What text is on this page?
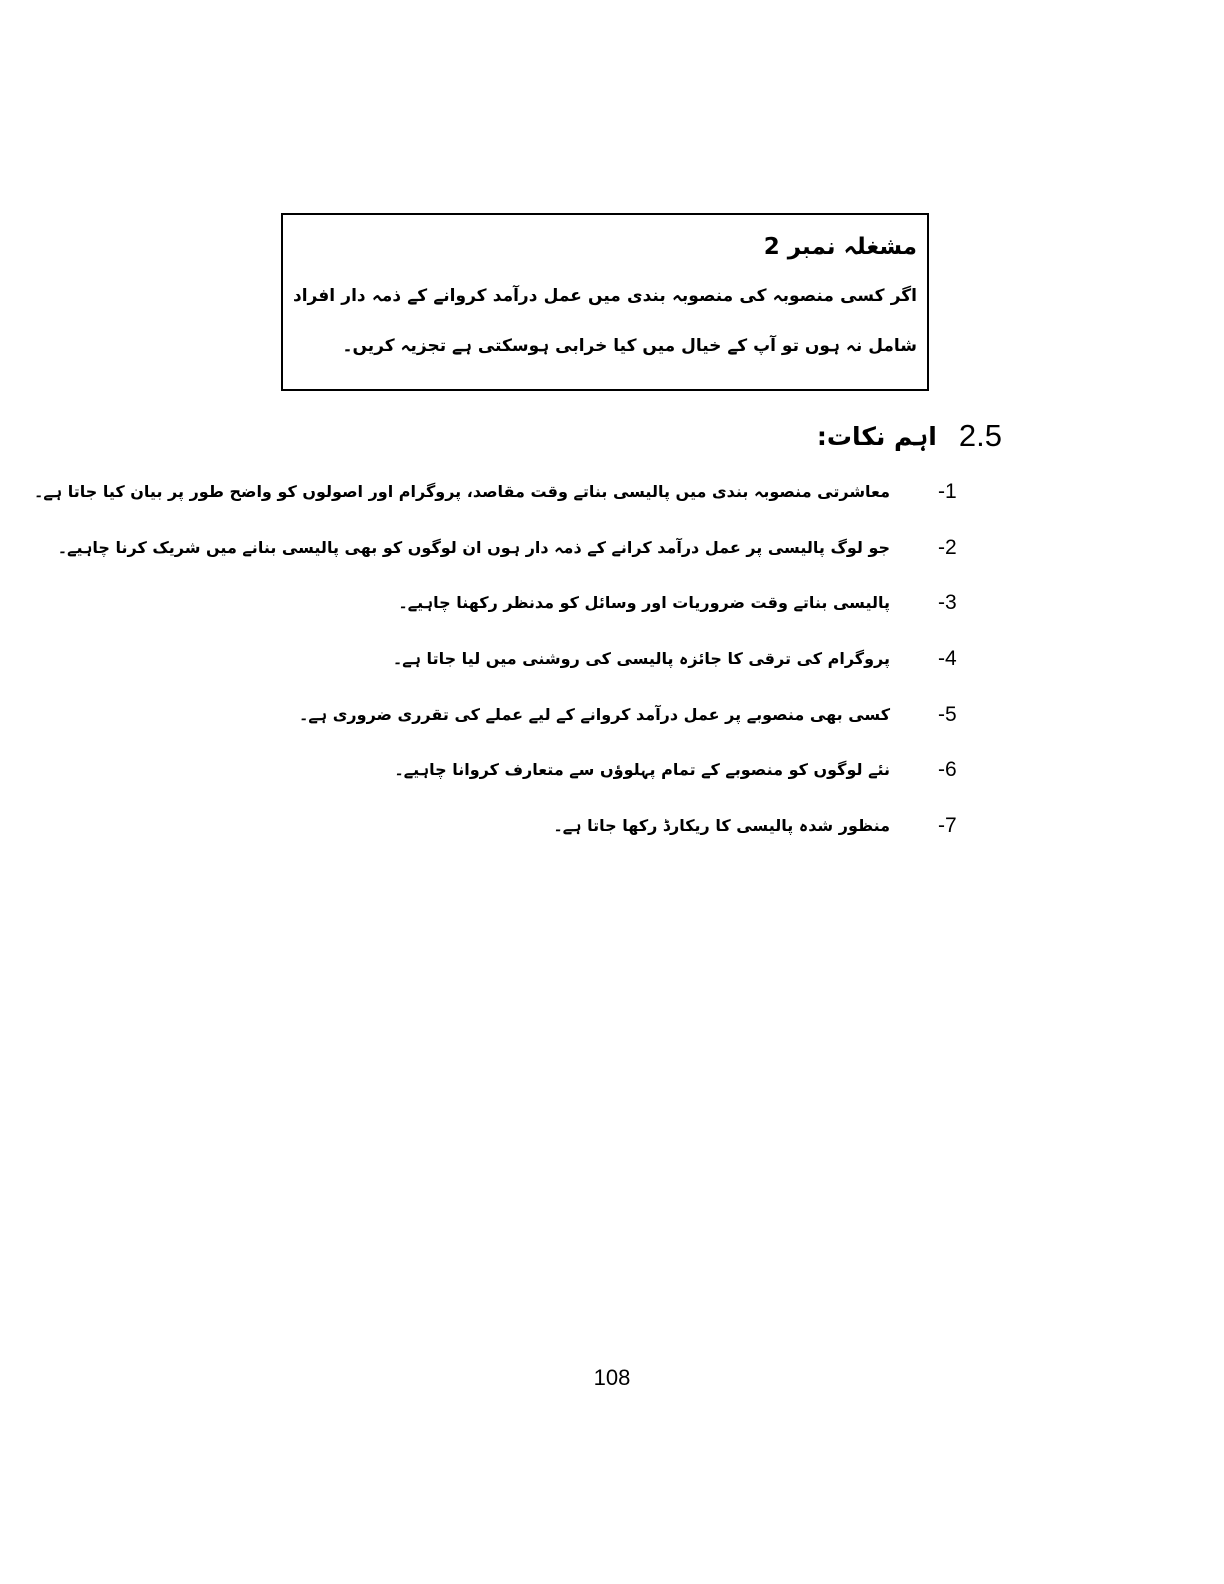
مشغلہ نمبر 2

اگر کسی منصوبہ کی منصوبہ بندی میں عمل درآمد کروانے کے ذمہ دار افراد شامل نہ ہوں تو آپ کے خیال میں کیا خرابی ہوسکتی ہے تجزیہ کریں۔

2.5
اہم نکات:
-1
معاشرتی منصوبہ بندی میں پالیسی بناتے وقت مقاصد، پروگرام اور اصولوں کو واضح طور پر بیان کیا جاتا ہے۔
-2
جو لوگ پالیسی پر عمل درآمد کرانے کے ذمہ دار ہوں ان لوگوں کو بھی پالیسی بنانے میں شریک کرنا چاہیے۔
-3
پالیسی بناتے وقت ضروریات اور وسائل کو مدنظر رکھنا چاہیے۔
-4
پروگرام کی ترقی کا جائزہ پالیسی کی روشنی میں لیا جاتا ہے۔
-5
کسی بھی منصوبے پر عمل درآمد کروانے کے لیے عملے کی تقرری ضروری ہے۔
-6
نئے لوگوں کو منصوبے کے تمام پہلوؤں سے متعارف کروانا چاہیے۔
-7
منظور شدہ پالیسی کا ریکارڈ رکھا جاتا ہے۔
108
